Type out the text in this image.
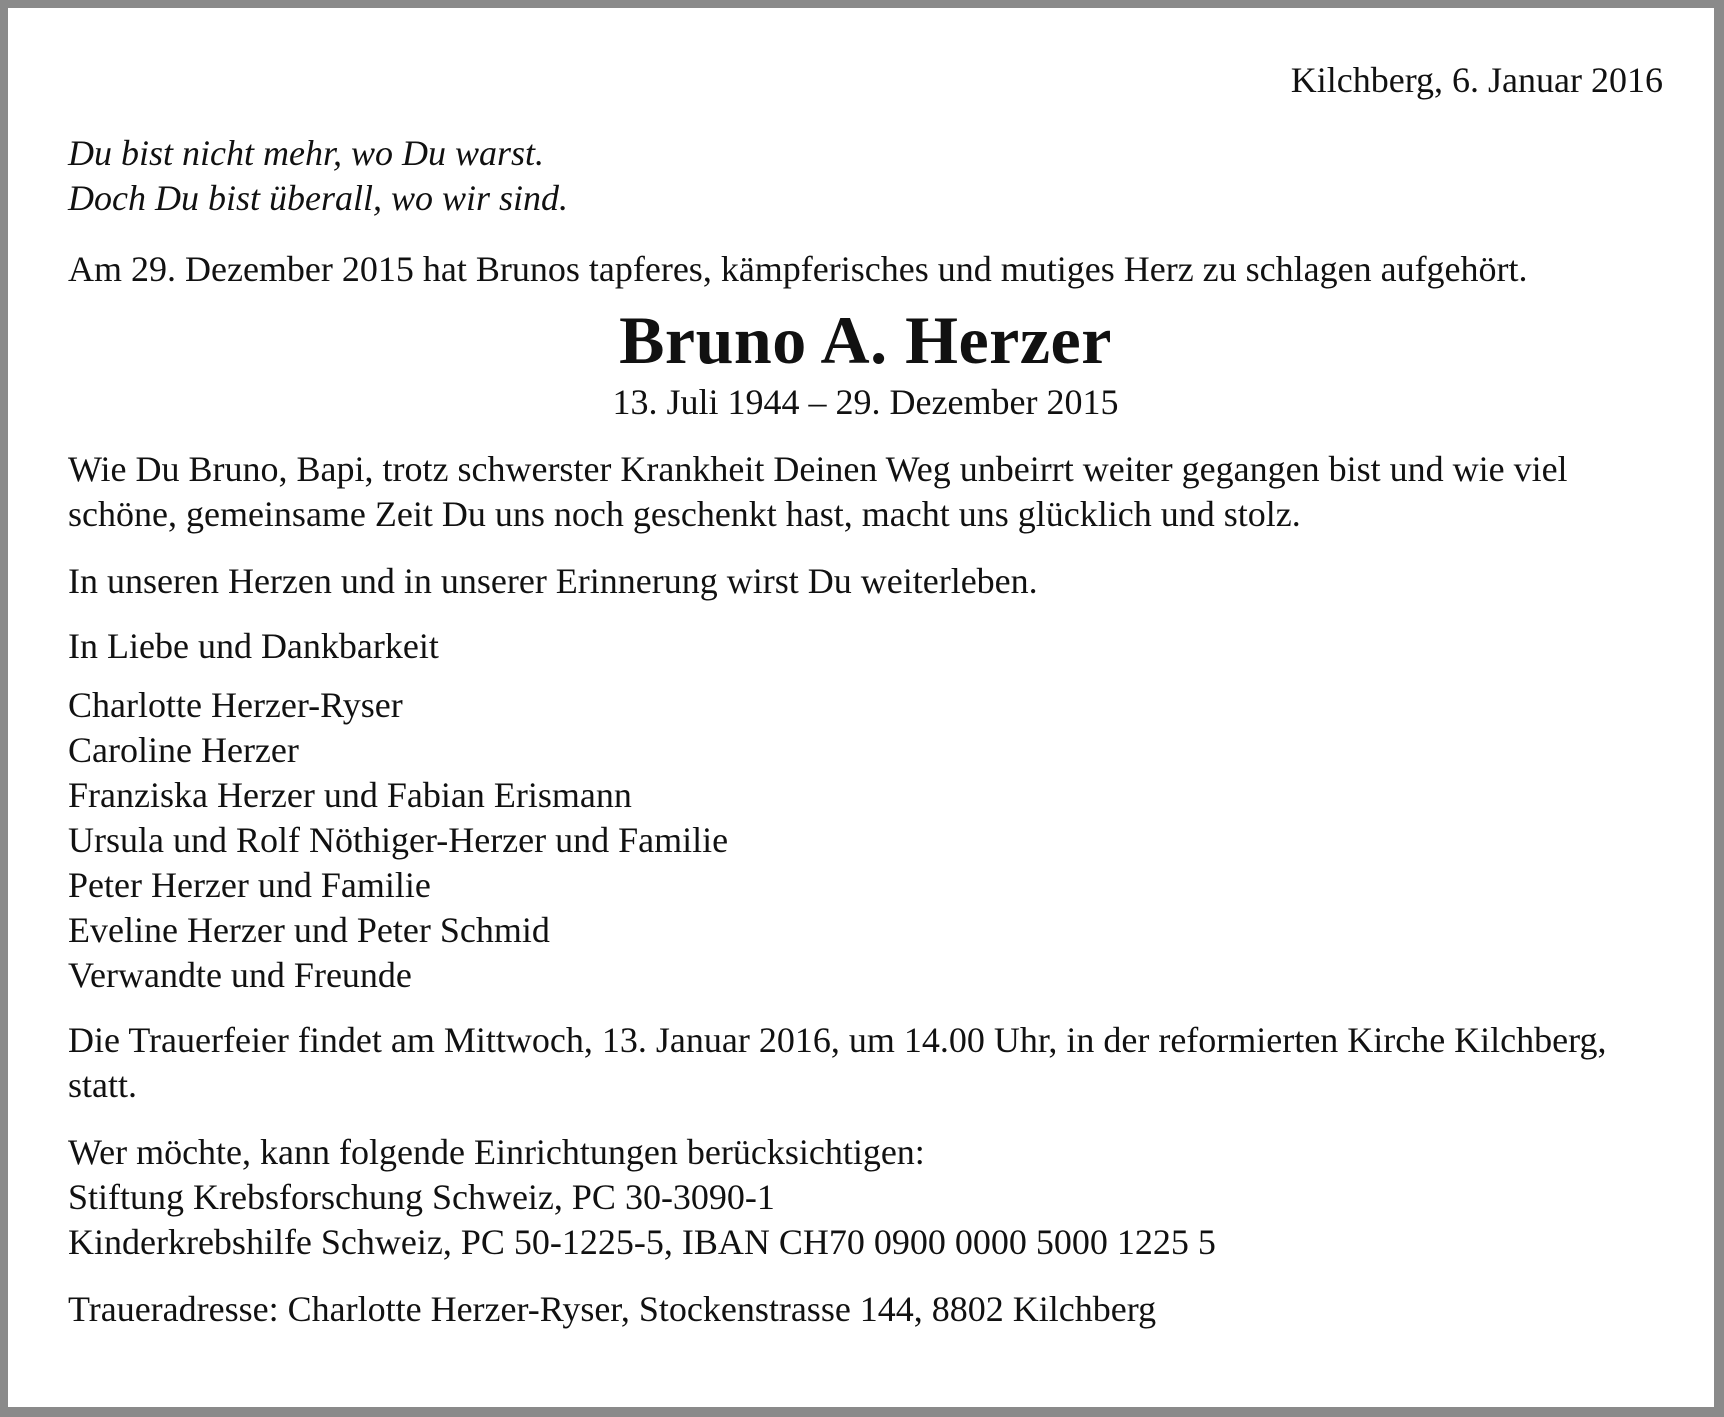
Kilchberg, 6. Januar 2016
Du bist nicht mehr, wo Du warst.
Doch Du bist überall, wo wir sind.
Am 29. Dezember 2015 hat Brunos tapferes, kämpferisches und mutiges Herz zu schlagen aufgehört.
Bruno A. Herzer
13. Juli 1944 – 29. Dezember 2015
Wie Du Bruno, Bapi, trotz schwerster Krankheit Deinen Weg unbeirrt weiter gegangen bist und wie viel schöne, gemeinsame Zeit Du uns noch geschenkt hast, macht uns glücklich und stolz.
In unseren Herzen und in unserer Erinnerung wirst Du weiterleben.
In Liebe und Dankbarkeit
Charlotte Herzer-Ryser
Caroline Herzer
Franziska Herzer und Fabian Erismann
Ursula und Rolf Nöthiger-Herzer und Familie
Peter Herzer und Familie
Eveline Herzer und Peter Schmid
Verwandte und Freunde
Die Trauerfeier findet am Mittwoch, 13. Januar 2016, um 14.00 Uhr, in der reformierten Kirche Kilchberg, statt.
Wer möchte, kann folgende Einrichtungen berücksichtigen:
Stiftung Krebsforschung Schweiz, PC 30-3090-1
Kinderkrebshilfe Schweiz, PC 50-1225-5, IBAN CH70 0900 0000 5000 1225 5
Traueradresse: Charlotte Herzer-Ryser, Stockenstrasse 144, 8802 Kilchberg
